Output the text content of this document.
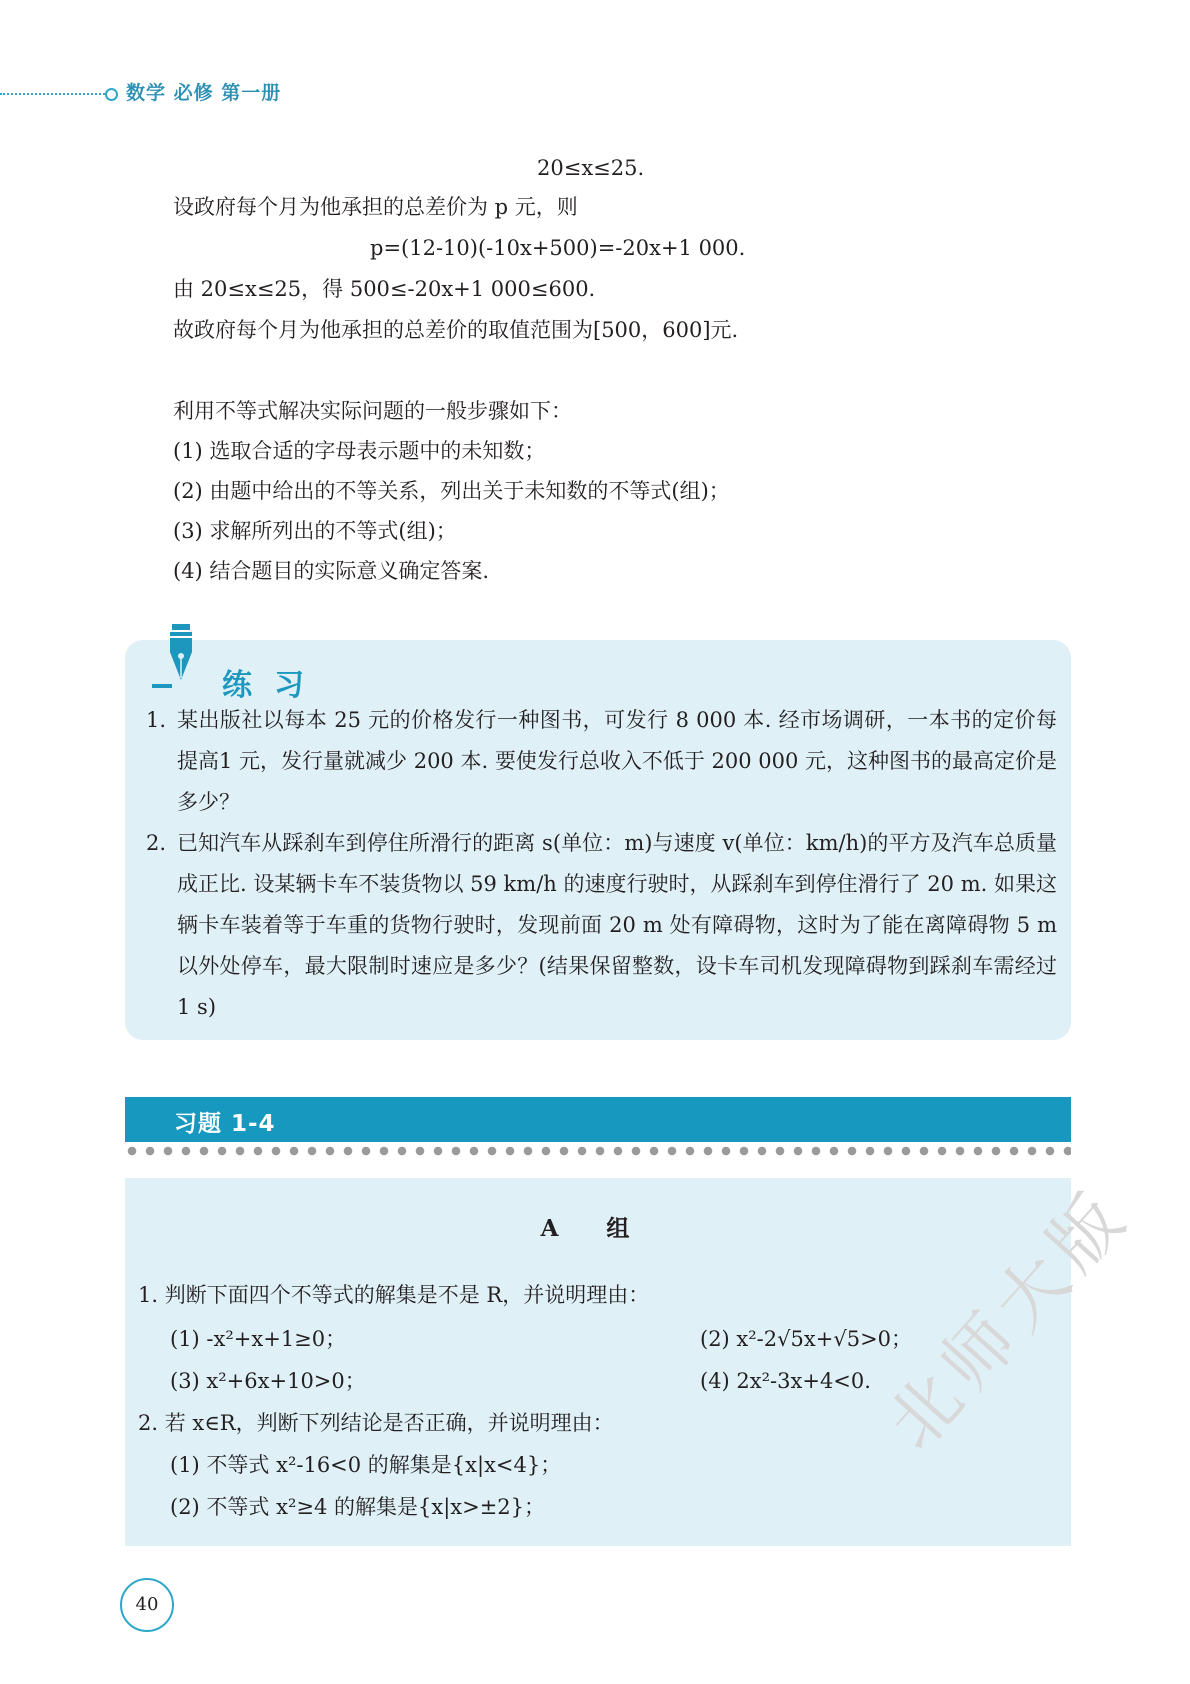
数学 必修 第一册
20≤x≤25.
设政府每个月为他承担的总差价为 p 元，则
p=(12-10)(-10x+500)=-20x+1 000.
由 20≤x≤25，得 500≤-20x+1 000≤600.
故政府每个月为他承担的总差价的取值范围为[500，600]元.
利用不等式解决实际问题的一般步骤如下：
(1) 选取合适的字母表示题中的未知数；
(2) 由题中给出的不等关系，列出关于未知数的不等式(组)；
(3) 求解所列出的不等式(组)；
(4) 结合题目的实际意义确定答案.
练习
1. 某出版社以每本 25 元的价格发行一种图书，可发行 8 000 本. 经市场调研，一本书的定价每提高1 元，发行量就减少 200 本. 要使发行总收入不低于 200 000 元，这种图书的最高定价是多少？
2. 已知汽车从踩刹车到停住所滑行的距离 s(单位：m)与速度 v(单位：km/h)的平方及汽车总质量成正比. 设某辆卡车不装货物以 59 km/h 的速度行驶时，从踩刹车到停住滑行了 20 m. 如果这辆卡车装着等于车重的货物行驶时，发现前面 20 m 处有障碍物，这时为了能在离障碍物 5 m 以外处停车，最大限制时速应是多少？(结果保留整数，设卡车司机发现障碍物到踩刹车需经过 1 s)
习题 1-4
A 组
1. 判断下面四个不等式的解集是不是 R，并说明理由：
(1) -x²+x+1≥0；	(2) x²-2√5x+√5>0；
(3) x²+6x+10>0；	(4) 2x²-3x+4<0.
2. 若 x∈R，判断下列结论是否正确，并说明理由：
(1) 不等式 x²-16<0 的解集是{x|x<4}；
(2) 不等式 x²≥4 的解集是{x|x>±2}；
40
北师大版
